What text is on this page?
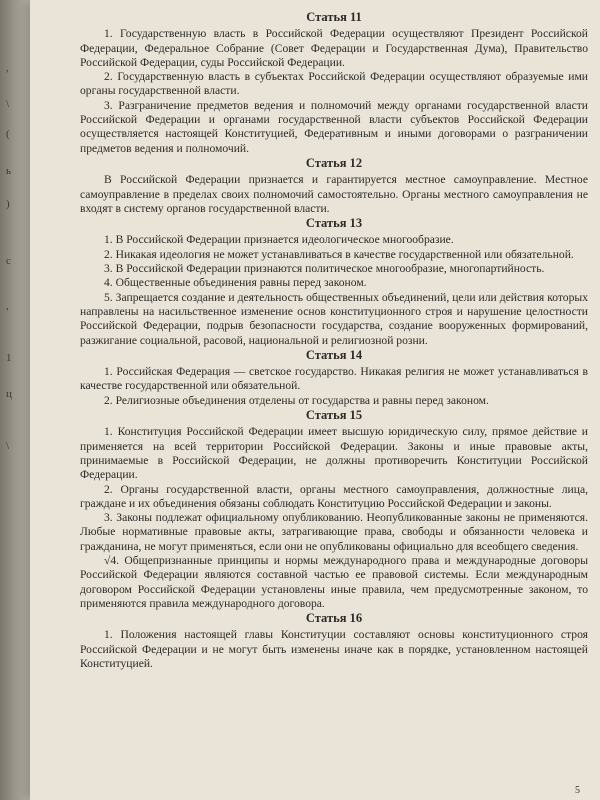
,
\
(
ь
)
с
,
1
ц
\
Статья 11

1. Государственную власть в Российской Федерации осуществляют Президент Российской Федерации, Федеральное Собрание (Совет Федерации и Государственная Дума), Правительство Российской Федерации, суды Российской Федерации.

2. Государственную власть в субъектах Российской Федерации осуществляют образуемые ими органы государственной власти.

3. Разграничение предметов ведения и полномочий между органами государственной власти Российской Федерации и органами государственной власти субъектов Российской Федерации осуществляется настоящей Конституцией, Федеративным и иными договорами о разграничении предметов ведения и полномочий.

Статья 12

В Российской Федерации признается и гарантируется местное самоуправление. Местное самоуправление в пределах своих полномочий самостоятельно. Органы местного самоуправления не входят в систему органов государственной власти.

Статья 13

1. В Российской Федерации признается идеологическое многообразие.

2. Никакая идеология не может устанавливаться в качестве государственной или обязательной.

3. В Российской Федерации признаются политическое многообразие, многопартийность.

4. Общественные объединения равны перед законом.

5. Запрещается создание и деятельность общественных объединений, цели или действия которых направлены на насильственное изменение основ конституционного строя и нарушение целостности Российской Федерации, подрыв безопасности государства, создание вооруженных формирований, разжигание социальной, расовой, национальной и религиозной розни.

Статья 14

1. Российская Федерация — светское государство. Никакая религия не может устанавливаться в качестве государственной или обязательной.

2. Религиозные объединения отделены от государства и равны перед законом.

Статья 15

1. Конституция Российской Федерации имеет высшую юридическую силу, прямое действие и применяется на всей территории Российской Федерации. Законы и иные правовые акты, принимаемые в Российской Федерации, не должны противоречить Конституции Российской Федерации.

2. Органы государственной власти, органы местного самоуправления, должностные лица, граждане и их объединения обязаны соблюдать Конституцию Российской Федерации и законы.

3. Законы подлежат официальному опубликованию. Неопубликованные законы не применяются. Любые нормативные правовые акты, затрагивающие права, свободы и обязанности человека и гражданина, не могут применяться, если они не опубликованы официально для всеобщего сведения.

√4. Общепризнанные принципы и нормы международного права и международные договоры Российской Федерации являются составной частью ее правовой системы. Если международным договором Российской Федерации установлены иные правила, чем предусмотренные законом, то применяются правила международного договора.

Статья 16

1. Положения настоящей главы Конституции составляют основы конституционного строя Российской Федерации и не могут быть изменены иначе как в порядке, установленном настоящей Конституцией.

5
